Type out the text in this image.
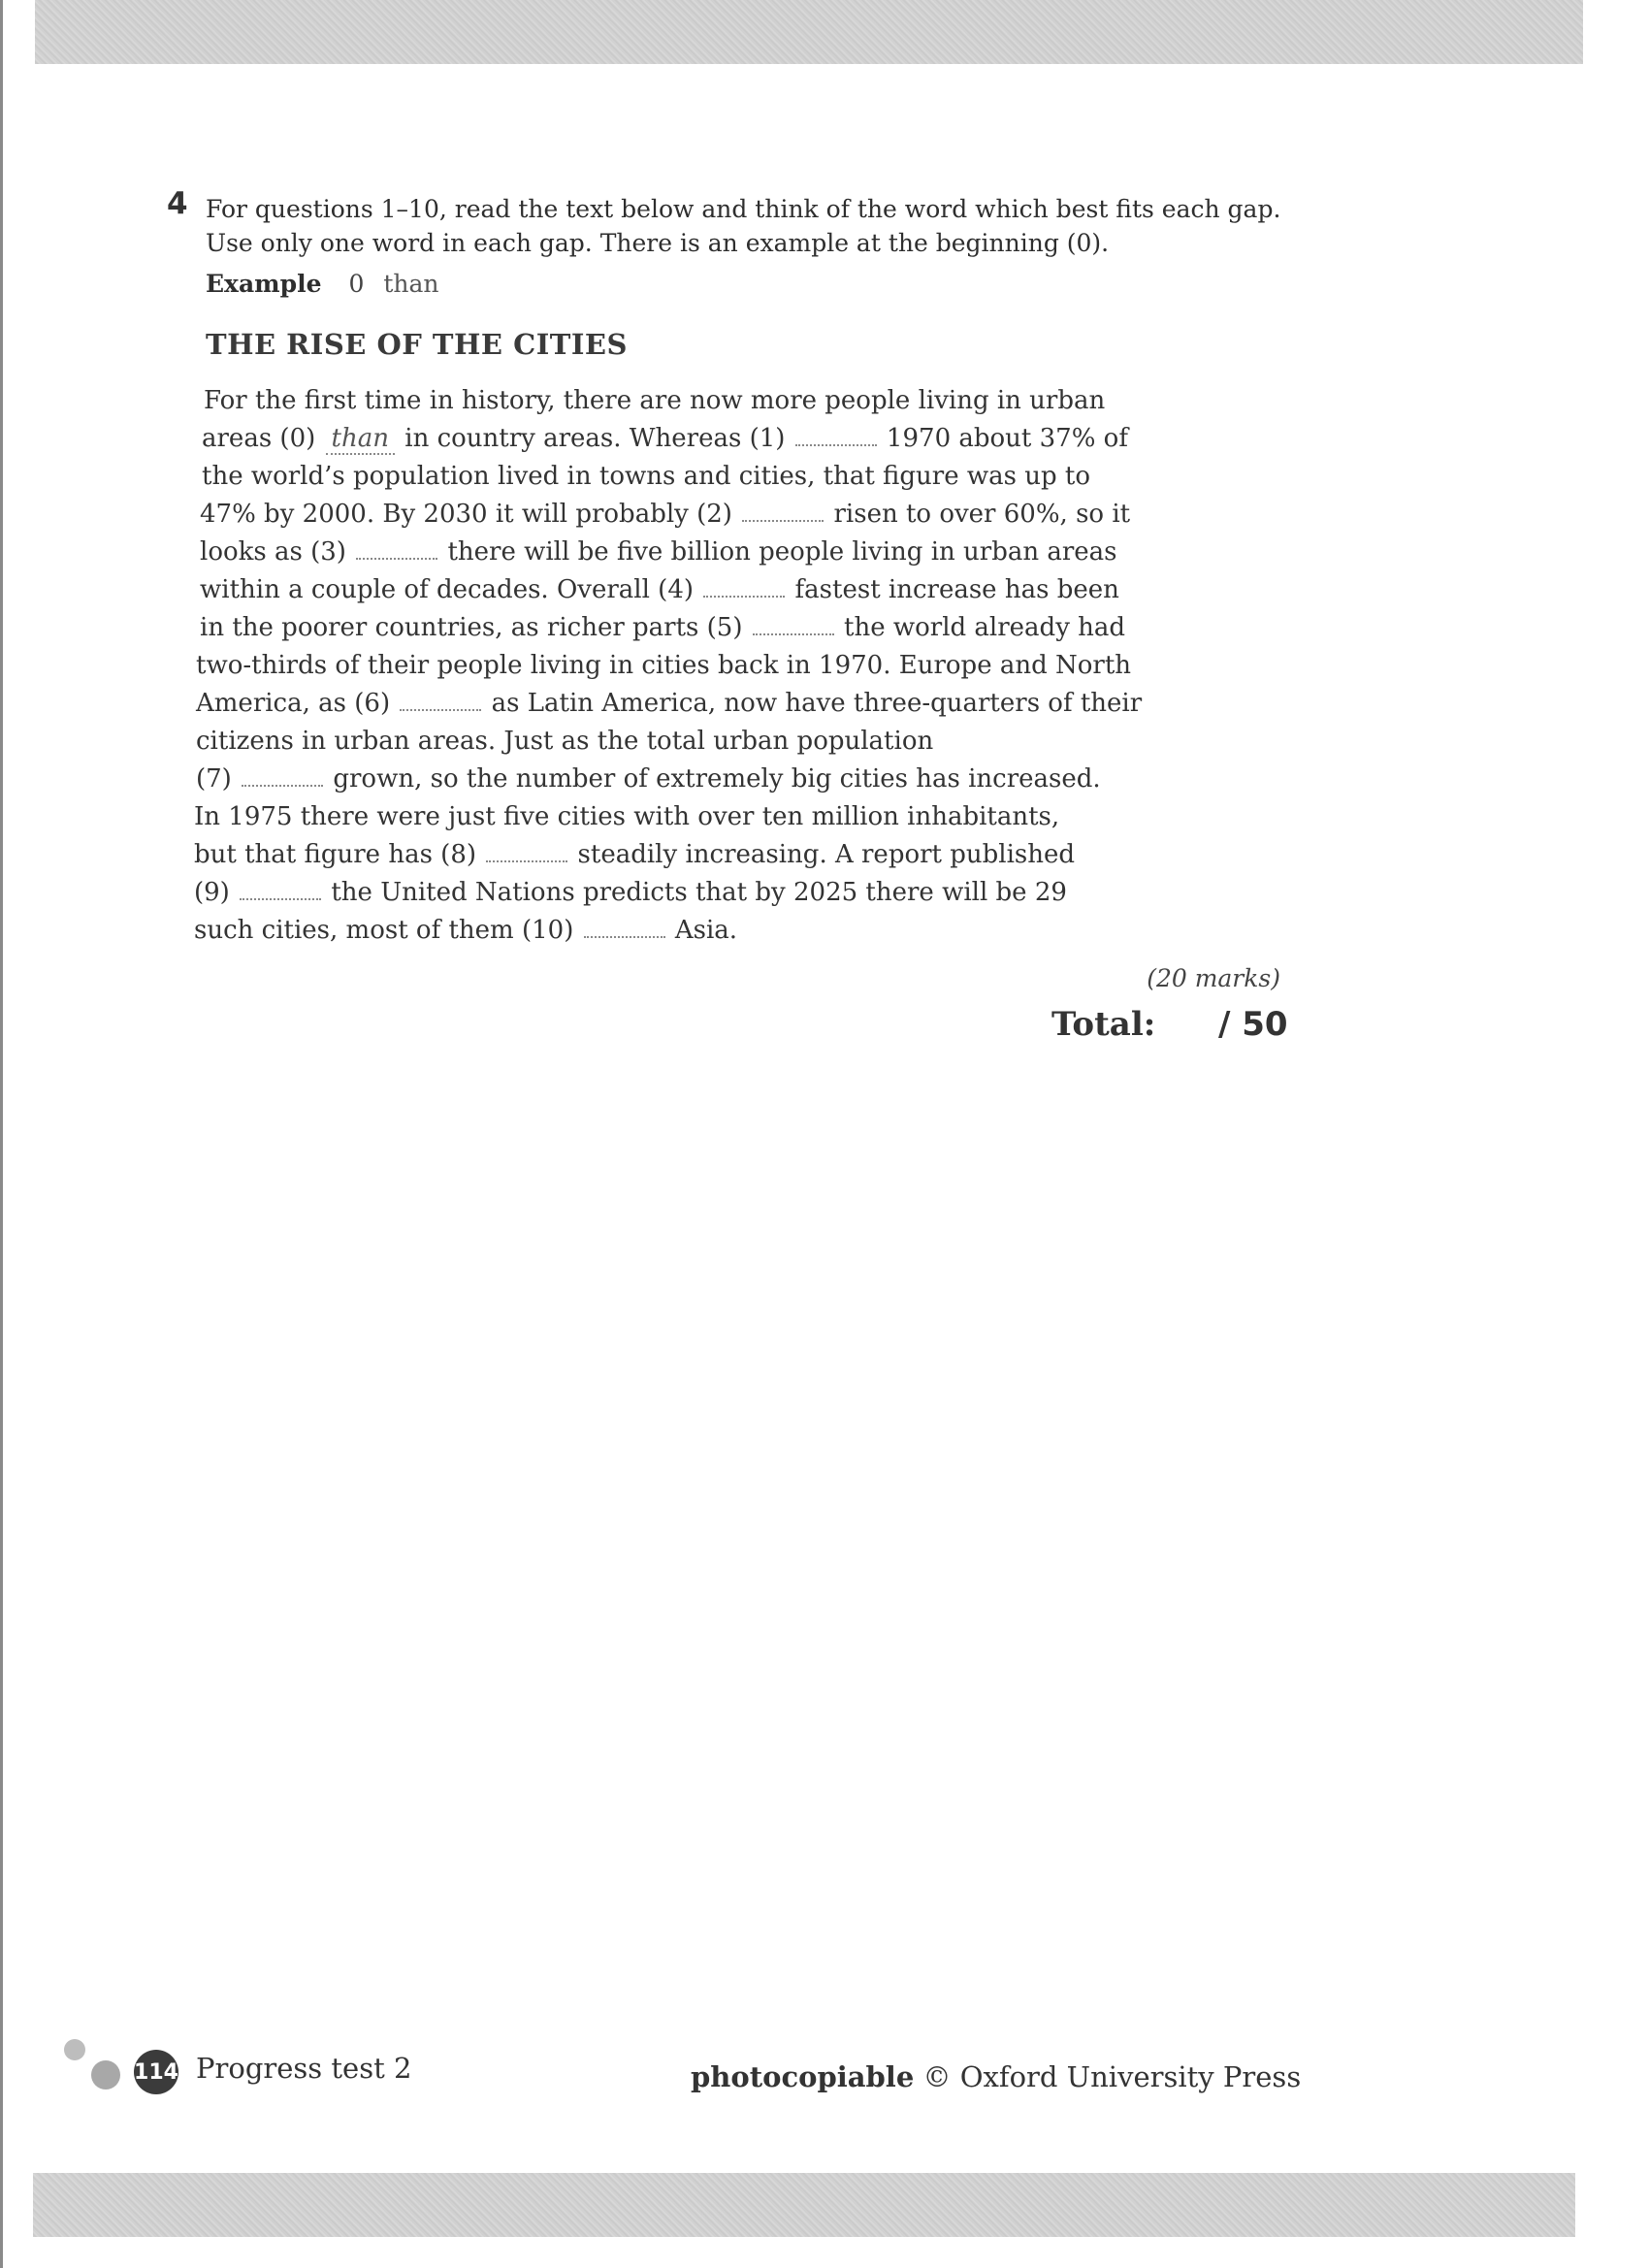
4 For questions 1–10, read the text below and think of the word which best fits each gap. Use only one word in each gap. There is an example at the beginning (0).
Example 0 than
THE RISE OF THE CITIES
For the first time in history, there are now more people living in urban
areas (0) than in country areas. Whereas (1)	1970 about 37% of
the world’s population lived in towns and cities, that figure was up to
47% by 2000. By 2030 it will probably (2)	risen to over 60%, so it
looks as (3)	there will be five billion people living in urban areas
within a couple of decades. Overall (4)	fastest increase has been
in the poorer countries, as richer parts (5)	the world already had
two-thirds of their people living in cities back in 1970. Europe and North
America, as (6)	as Latin America, now have three-quarters of their
citizens in urban areas. Just as the total urban population
(7)	grown, so the number of extremely big cities has increased.
In 1975 there were just five cities with over ten million inhabitants,
but that figure has (8)	steadily increasing. A report published
(9)	the United Nations predicts that by 2025 there will be 29
such cities, most of them (10)	Asia.
(20 marks)
Total: / 50
114 Progress test 2	photocopiable © Oxford University Press
